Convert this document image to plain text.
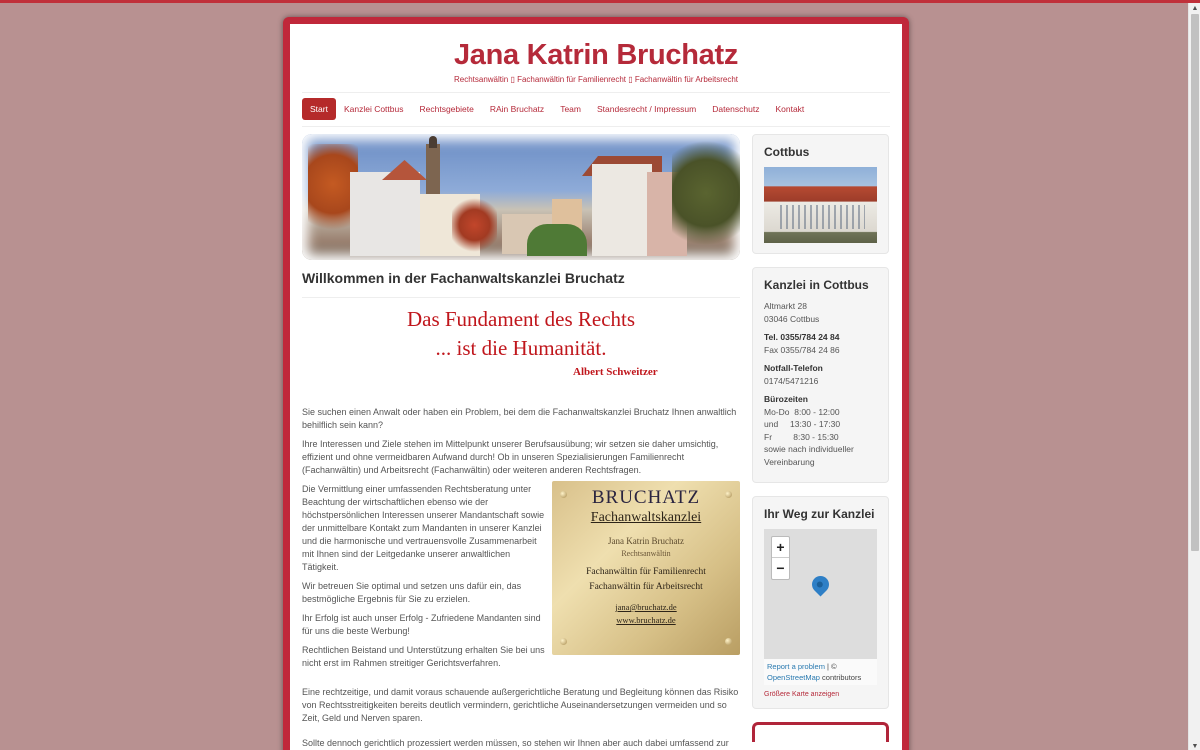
▲
▼
Jana Katrin Bruchatz
Rechtsanwältin ▯ Fachanwältin für Familienrecht ▯ Fachanwältin für Arbeitsrecht
Start	Kanzlei Cottbus	Rechtsgebiete	RAin Bruchatz	Team	Standesrecht / Impressum	Datenschutz	Kontakt
Willkommen in der Fachanwaltskanzlei Bruchatz
Das Fundament des Rechts
... ist die Humanität.
Albert Schweitzer

Sie suchen einen Anwalt oder haben ein Problem, bei dem die Fachanwaltskanzlei Bruchatz Ihnen anwaltlich behilflich sein kann?

Ihre Interessen und Ziele stehen im Mittelpunkt unserer Berufsausübung; wir setzen sie daher umsichtig, effizient und ohne vermeidbaren Aufwand durch! Ob in unseren Spezialisierungen Familienrecht (Fachanwältin) und Arbeitsrecht (Fachanwältin) oder weiteren anderen Rechtsfragen.

BRUCHATZ
Fachanwaltskanzlei
Jana Katrin Bruchatz
Rechtsanwältin
Fachanwältin für Familienrecht
Fachanwältin für Arbeitsrecht
jana@bruchatz.de
www.bruchatz.de

Die Vermittlung einer umfassenden Rechtsberatung unter Beachtung der wirtschaftlichen ebenso wie der höchstpersönlichen Interessen unserer Mandantschaft sowie der unmittelbare Kontakt zum Mandanten in unserer Kanzlei und die harmonische und vertrauensvolle Zusammenarbeit mit Ihnen sind der Leitgedanke unserer anwaltlichen Tätigkeit.

Wir betreuen Sie optimal und setzen uns dafür ein, das bestmögliche Ergebnis für Sie zu erzielen.

Ihr Erfolg ist auch unser Erfolg - Zufriedene Mandanten sind für uns die beste Werbung!

Rechtlichen Beistand und Unterstützung erhalten Sie bei uns nicht erst im Rahmen streitiger Gerichtsverfahren.

Eine rechtzeitige, und damit voraus schauende außergerichtliche Beratung und Begleitung können das Risiko von Rechtsstreitigkeiten bereits deutlich vermindern, gerichtliche Auseinandersetzungen vermeiden und so Zeit, Geld und Nerven sparen.

Sollte dennoch gerichtlich prozessiert werden müssen, so stehen wir Ihnen aber auch dabei umfassend zur

Cottbus
Kanzlei in Cottbus
Altmarkt 28
03046 Cottbus
Tel. 0355/784 24 84
Fax 0355/784 24 86
Notfall-Telefon
0174/5471216
Bürozeiten
Mo-Do  8:00 - 12:00
und     13:30 - 17:30
Fr         8:30 - 15:30
sowie nach individueller
Vereinbarung
Ihr Weg zur Kanzlei
+
−
Report a problem | ©
OpenStreetMap contributors
Größere Karte anzeigen
